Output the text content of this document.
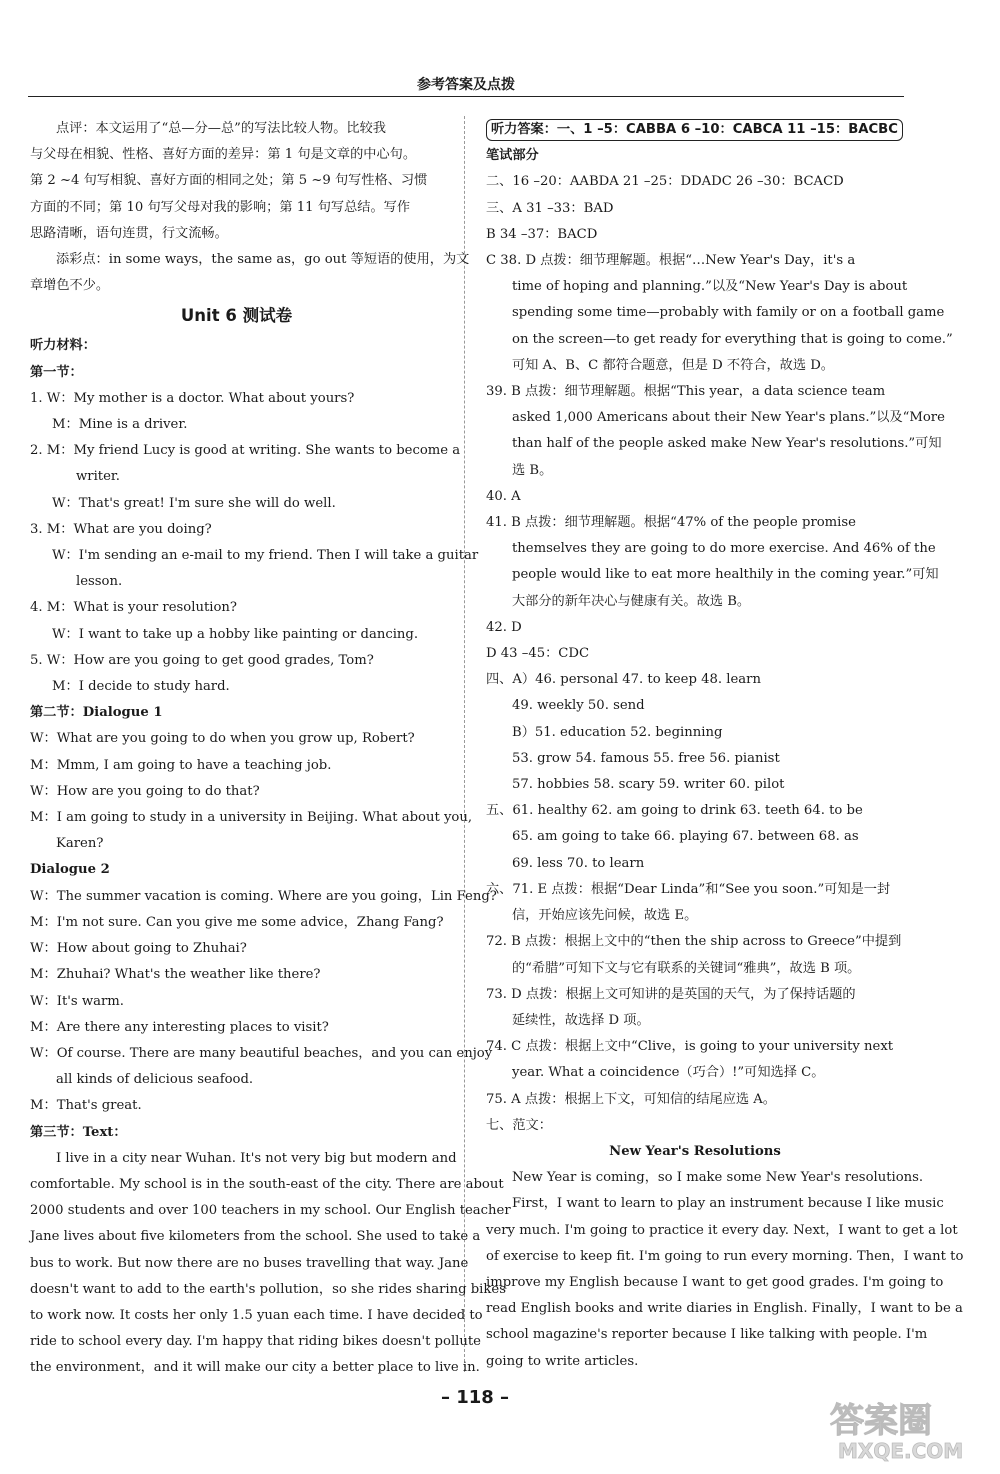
参考答案及点拨
点评：本文运用了“总—分—总”的写法比较人物。比较我
与父母在相貌、性格、喜好方面的差异：第 1 句是文章的中心句。
第 2 ~4 句写相貌、喜好方面的相同之处；第 5 ~9 句写性格、习惯
方面的不同；第 10 句写父母对我的影响；第 11 句写总结。写作
思路清晰，语句连贯，行文流畅。
添彩点：in some ways，the same as，go out 等短语的使用，为文
章增色不少。
Unit 6 测试卷
听力材料：
第一节：
1. W：My mother is a doctor. What about yours?
M：Mine is a driver.
2. M：My friend Lucy is good at writing. She wants to become a
writer.
W：That's great! I'm sure she will do well.
3. M：What are you doing?
W：I'm sending an e-mail to my friend. Then I will take a guitar
lesson.
4. M：What is your resolution?
W：I want to take up a hobby like painting or dancing.
5. W：How are you going to get good grades, Tom?
M：I decide to study hard.
第二节：Dialogue 1
W：What are you going to do when you grow up, Robert?
M：Mmm, I am going to have a teaching job.
W：How are you going to do that?
M：I am going to study in a university in Beijing. What about you,
Karen?
Dialogue 2
W：The summer vacation is coming. Where are you going，Lin Feng?
M：I'm not sure. Can you give me some advice，Zhang Fang?
W：How about going to Zhuhai?
M：Zhuhai? What's the weather like there?
W：It's warm.
M：Are there any interesting places to visit?
W：Of course. There are many beautiful beaches，and you can enjoy
all kinds of delicious seafood.
M：That's great.
第三节：Text：
I live in a city near Wuhan. It's not very big but modern and
comfortable. My school is in the south-east of the city. There are about
2000 students and over 100 teachers in my school. Our English teacher
Jane lives about five kilometers from the school. She used to take a
bus to work. But now there are no buses travelling that way. Jane
doesn't want to add to the earth's pollution，so she rides sharing bikes
to work now. It costs her only 1.5 yuan each time. I have decided to
ride to school every day. I'm happy that riding bikes doesn't pollute
the environment，and it will make our city a better place to live in.
听力答案：一、1 –5：CABBA 6 –10：CABCA 11 –15：BACBC
笔试部分
二、16 –20：AABDA 21 –25：DDADC 26 –30：BCACD
三、A 31 –33：BAD
B 34 –37：BACD
C 38. D 点拨：细节理解题。根据“…New Year's Day，it's a
time of hoping and planning.”以及“New Year's Day is about
spending some time—probably with family or on a football game
on the screen—to get ready for everything that is going to come.”
可知 A、B、C 都符合题意，但是 D 不符合，故选 D。
39. B 点拨：细节理解题。根据“This year，a data science team
asked 1,000 Americans about their New Year's plans.”以及“More
than half of the people asked make New Year's resolutions.”可知
选 B。
40. A
41. B 点拨：细节理解题。根据“47% of the people promise
themselves they are going to do more exercise. And 46% of the
people would like to eat more healthily in the coming year.”可知
大部分的新年决心与健康有关。故选 B。
42. D
D 43 –45：CDC
四、A）46. personal 47. to keep 48. learn
49. weekly 50. send
B）51. education 52. beginning
53. grow 54. famous 55. free 56. pianist
57. hobbies 58. scary 59. writer 60. pilot
五、61. healthy 62. am going to drink 63. teeth 64. to be
65. am going to take 66. playing 67. between 68. as
69. less 70. to learn
六、71. E 点拨：根据“Dear Linda”和“See you soon.”可知是一封
信，开始应该先问候，故选 E。
72. B 点拨：根据上文中的“then the ship across to Greece”中提到
的“希腊”可知下文与它有联系的关键词“雅典”，故选 B 项。
73. D 点拨：根据上文可知讲的是英国的天气，为了保持话题的
延续性，故选择 D 项。
74. C 点拨：根据上文中“Clive，is going to your university next
year. What a coincidence（巧合）!”可知选择 C。
75. A 点拨：根据上下文，可知信的结尾应选 A。
七、范文：
New Year's Resolutions
New Year is coming，so I make some New Year's resolutions.
First，I want to learn to play an instrument because I like music
very much. I'm going to practice it every day. Next，I want to get a lot
of exercise to keep fit. I'm going to run every morning. Then，I want to
improve my English because I want to get good grades. I'm going to
read English books and write diaries in English. Finally，I want to be a
school magazine's reporter because I like talking with people. I'm
going to write articles.
– 118 –
答案圈
MXQE.COM
